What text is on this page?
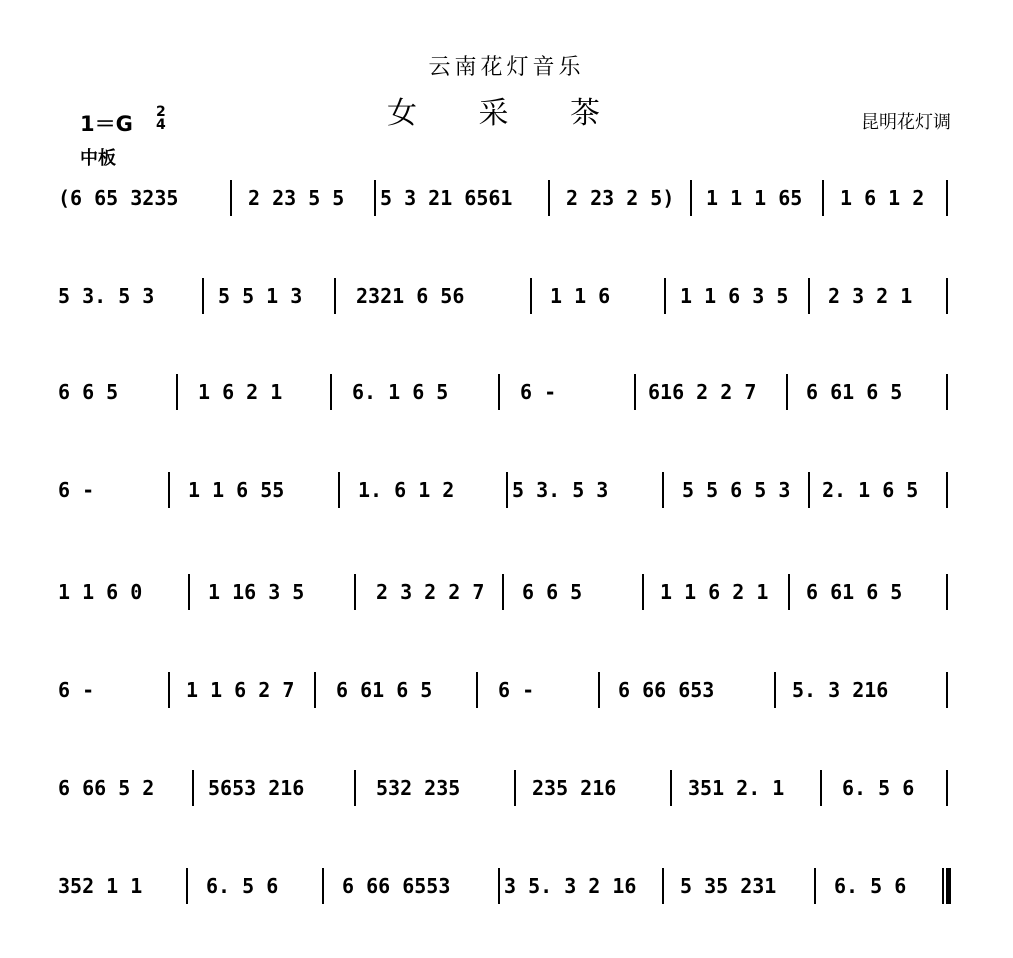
云南花灯音乐
女 采 茶
1＝G 2
4	昆明花灯调
中板
(6 65 3235	2 23 5 5	5 3 21 6561	2 23 2 5)	1 1 1 65 1 6 1 2
5 3. 5 3	5 5 1 3	2321 6 56	1 1 6	1 1 6 3 5	2 3 2 1
6 6 5	1 6 2 1	6. 1 6 5	6 -	616 2 2 7	6 61 6 5
6 -	1 1 6 55	1. 6 1 2	5 3. 5 3	5 5 6 5 3	2. 1 6 5
1 1 6 0	1 16 3 5	2 3 2 2 7	6 6 5	1 1 6 2 1	6 61 6 5
6 -	1 1 6 2 7	6 61 6 5	6 -	6 66 653	5. 3 216
6 66 5 2	5653 216	532 235	235 216	351 2. 1	6. 5 6
352 1 1	6. 5 6	6 66 6553	3 5. 3 2 16	5 35 231	6. 5 6
